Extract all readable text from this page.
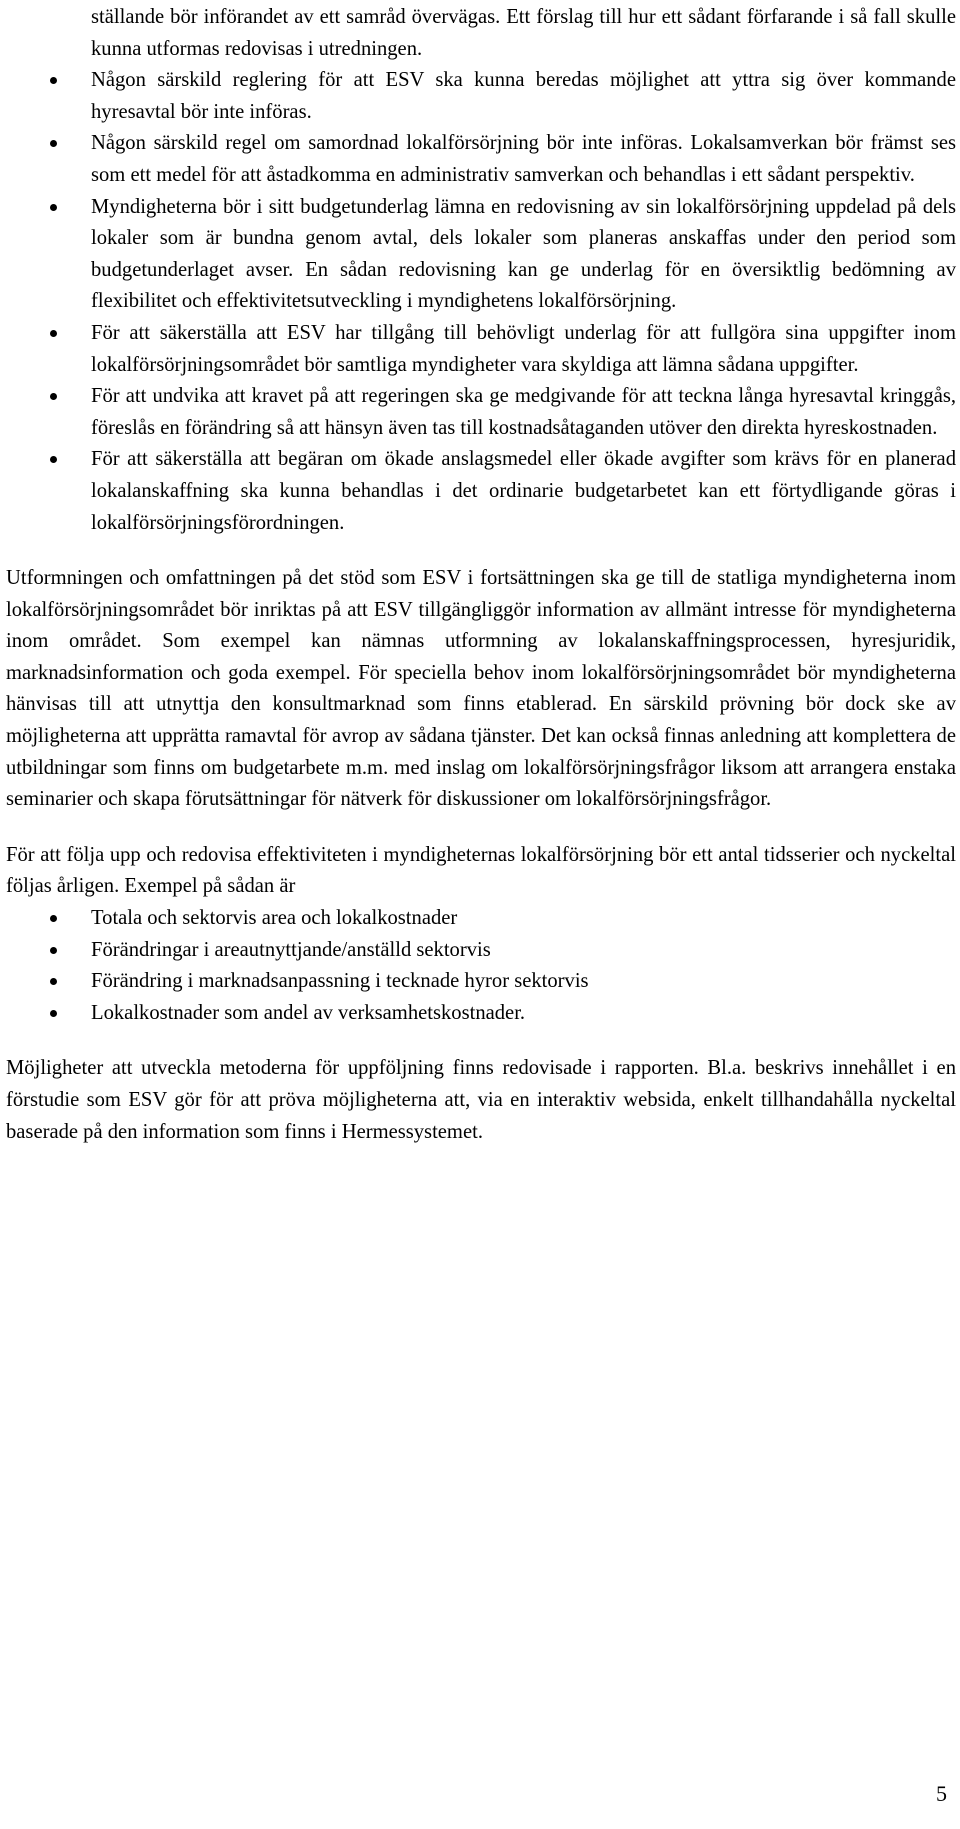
ställande bör införandet av ett samråd övervägas. Ett förslag till hur ett sådant förfarande i så fall skulle kunna utformas redovisas i utredningen.

Någon särskild reglering för att ESV ska kunna beredas möjlighet att yttra sig över kommande hyresavtal bör inte införas.
Någon särskild regel om samordnad lokalförsörjning bör inte införas. Lokalsamverkan bör främst ses som ett medel för att åstadkomma en administrativ samverkan och behandlas i ett sådant perspektiv.
Myndigheterna bör i sitt budgetunderlag lämna en redovisning av sin lokalförsörjning uppdelad på dels lokaler som är bundna genom avtal, dels lokaler som planeras anskaffas under den period som budgetunderlaget avser. En sådan redovisning kan ge underlag för en översiktlig bedömning av flexibilitet och effektivitetsutveckling i myndighetens lokalförsörjning.
För att säkerställa att ESV har tillgång till behövligt underlag för att fullgöra sina uppgifter inom lokalförsörjningsområdet bör samtliga myndigheter vara skyldiga att lämna sådana uppgifter.
För att undvika att kravet på att regeringen ska ge medgivande för att teckna långa hyresavtal kringgås, föreslås en förändring så att hänsyn även tas till kostnadsåtaganden utöver den direkta hyreskostnaden.
För att säkerställa att begäran om ökade anslagsmedel eller ökade avgifter som krävs för en planerad lokalanskaffning ska kunna behandlas i det ordinarie budgetarbetet kan ett förtydligande göras i lokalförsörjningsförordningen.

Utformningen och omfattningen på det stöd som ESV i fortsättningen ska ge till de statliga myndigheterna inom lokalförsörjningsområdet bör inriktas på att ESV tillgängliggör information av allmänt intresse för myndigheterna inom området. Som exempel kan nämnas utformning av lokalanskaffningsprocessen, hyresjuridik, marknadsinformation och goda exempel. För speciella behov inom lokalförsörjningsområdet bör myndigheterna hänvisas till att utnyttja den konsultmarknad som finns etablerad. En särskild prövning bör dock ske av möjligheterna att upprätta ramavtal för avrop av sådana tjänster. Det kan också finnas anledning att komplettera de utbildningar som finns om budgetarbete m.m. med inslag om lokalförsörjningsfrågor liksom att arrangera enstaka seminarier och skapa förutsättningar för nätverk för diskussioner om lokalförsörjningsfrågor.

För att följa upp och redovisa effektiviteten i myndigheternas lokalförsörjning bör ett antal tidsserier och nyckeltal följas årligen. Exempel på sådan är

Totala och sektorvis area och lokalkostnader
Förändringar i areautnyttjande/anställd sektorvis
Förändring i marknadsanpassning i tecknade hyror sektorvis
Lokalkostnader som andel av verksamhetskostnader.

Möjligheter att utveckla metoderna för uppföljning finns redovisade i rapporten. Bl.a. beskrivs innehållet i en förstudie som ESV gör för att pröva möjligheterna att, via en interaktiv websida, enkelt tillhandahålla nyckeltal baserade på den information som finns i Hermessystemet.

5
